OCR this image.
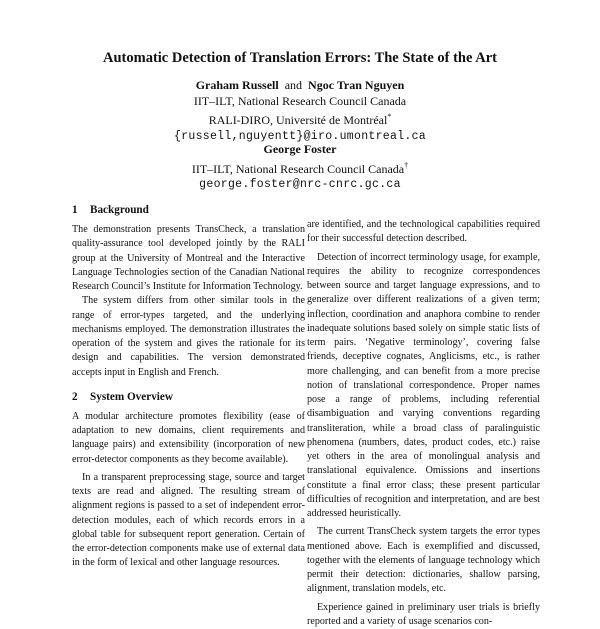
Automatic Detection of Translation Errors: The State of the Art
Graham Russell and Ngoc Tran Nguyen
IIT–ILT, National Research Council Canada
RALI-DIRO, Université de Montréal*
{russell,nguyentt}@iro.umontreal.ca
George Foster
IIT–ILT, National Research Council Canada†
george.foster@nrc-cnrc.gc.ca
1 Background

The demonstration presents TransCheck, a translation quality-assurance tool developed jointly by the RALI group at the University of Montreal and the Interactive Language Technologies section of the Canadian National Research Council’s Institute for Information Technology.

The system differs from other similar tools in the range of error-types targeted, and the underlying mechanisms employed. The demonstration illustrates the operation of the system and gives the rationale for its design and capabilities. The version demonstrated accepts input in English and French.

2 System Overview

A modular architecture promotes flexibility (ease of adaptation to new domains, client requirements and language pairs) and extensibility (incorporation of new error-detector components as they become available).

In a transparent preprocessing stage, source and target texts are read and aligned. The resulting stream of alignment regions is passed to a set of independent error-detection modules, each of which records errors in a global table for subsequent report generation. Certain of the error-detection components make use of external data in the form of lexical and other language resources.

are identified, and the technological capabilities required for their successful detection described.

Detection of incorrect terminology usage, for example, requires the ability to recognize correspondences between source and target language expressions, and to generalize over different realizations of a given term; inflection, coordination and anaphora combine to render inadequate solutions based solely on simple static lists of term pairs. ‘Negative terminology’, covering false friends, deceptive cognates, Anglicisms, etc., is rather more challenging, and can benefit from a more precise notion of translational correspondence. Proper names pose a range of problems, including referential disambiguation and varying conventions regarding transliteration, while a broad class of paralinguistic phenomena (numbers, dates, product codes, etc.) raise yet others in the area of monolingual analysis and translational equivalence. Omissions and insertions constitute a final error class; these present particular difficulties of recognition and interpretation, and are best addressed heuristically.

The current TransCheck system targets the error types mentioned above. Each is exemplified and discussed, together with the elements of language technology which permit their detection: dictionaries, shallow parsing, alignment, translation models, etc.

Experience gained in preliminary user trials is briefly reported and a variety of usage scenarios con-
